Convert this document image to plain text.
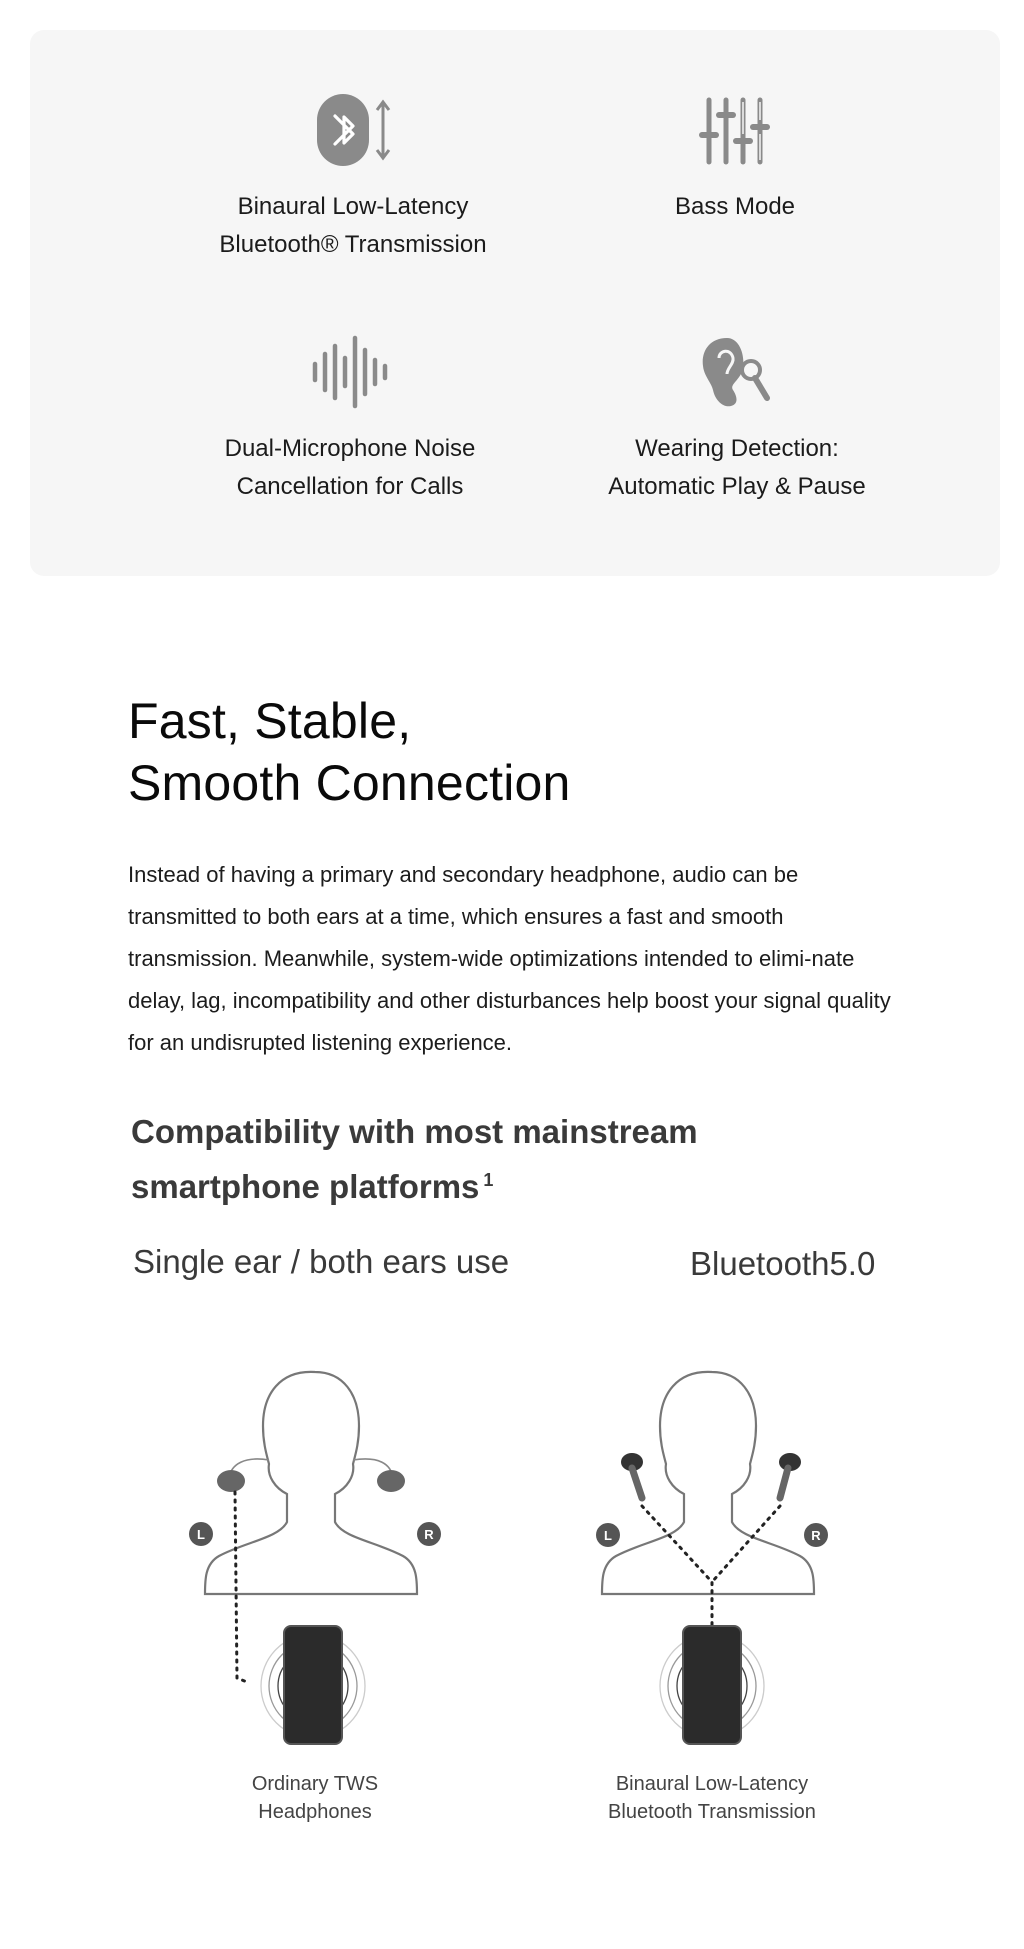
Binaural Low-Latency
Bluetooth® Transmission
Bass Mode
Dual-Microphone Noise
Cancellation for Calls
Wearing Detection:
Automatic Play & Pause
Fast, Stable,
Smooth Connection

Instead of having a primary and secondary headphone, audio can be transmitted to both ears at a time, which ensures a fast and smooth transmission. Meanwhile, system-wide optimizations intended to elimi-nate delay, lag, incompatibility and other disturbances help boost your signal quality for an undisrupted listening experience.

Compatibility with most mainstream
smartphone platforms $^1$
Single ear / both ears use	Bluetooth5.0
L	R	L	R
Ordinary TWS
Headphones
Binaural Low-Latency
Bluetooth Transmission
